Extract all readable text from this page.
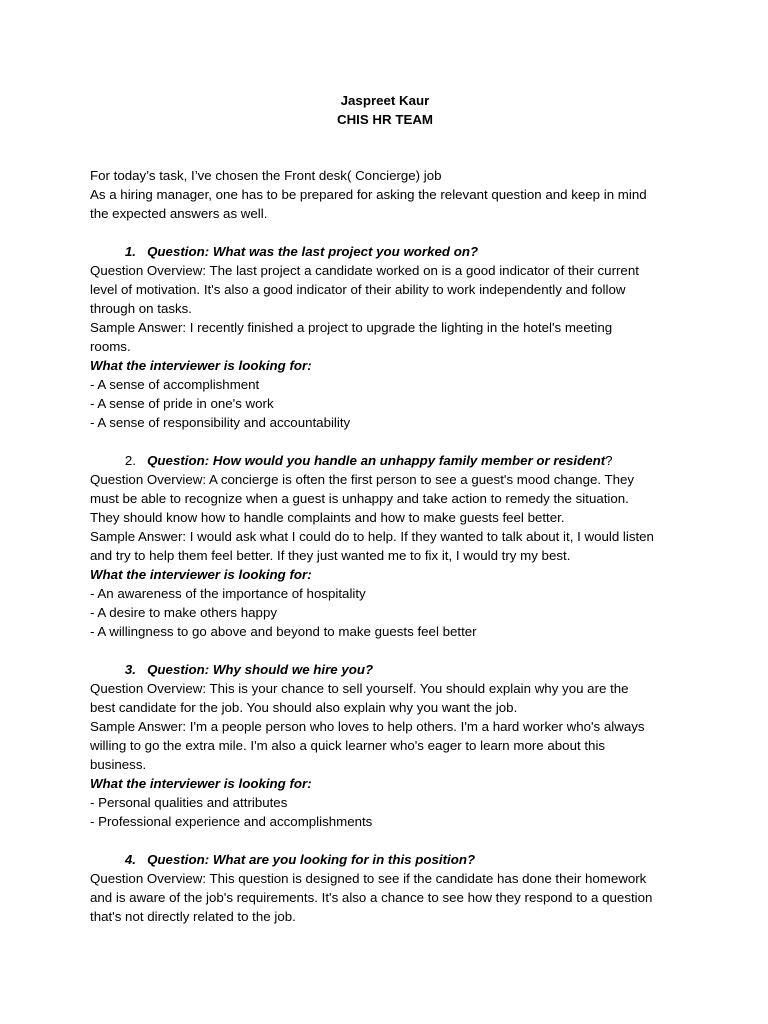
Jaspreet Kaur
CHIS HR TEAM
For today’s task, I’ve chosen the Front desk( Concierge) job
As a hiring manager, one has to be prepared for asking the relevant question and keep in mind
the expected answers as well.
1. Question: What was the last project you worked on?
Question Overview: The last project a candidate worked on is a good indicator of their current
level of motivation. It's also a good indicator of their ability to work independently and follow
through on tasks.
Sample Answer: I recently finished a project to upgrade the lighting in the hotel's meeting
rooms.
What the interviewer is looking for:
- A sense of accomplishment
- A sense of pride in one's work
- A sense of responsibility and accountability
2. Question: How would you handle an unhappy family member or resident?
Question Overview: A concierge is often the first person to see a guest's mood change. They
must be able to recognize when a guest is unhappy and take action to remedy the situation.
They should know how to handle complaints and how to make guests feel better.
Sample Answer: I would ask what I could do to help. If they wanted to talk about it, I would listen
and try to help them feel better. If they just wanted me to fix it, I would try my best.
What the interviewer is looking for:
- An awareness of the importance of hospitality
- A desire to make others happy
- A willingness to go above and beyond to make guests feel better
3. Question: Why should we hire you?
Question Overview: This is your chance to sell yourself. You should explain why you are the
best candidate for the job. You should also explain why you want the job.
Sample Answer: I'm a people person who loves to help others. I'm a hard worker who's always
willing to go the extra mile. I'm also a quick learner who's eager to learn more about this
business.
What the interviewer is looking for:
- Personal qualities and attributes
- Professional experience and accomplishments
4. Question: What are you looking for in this position?
Question Overview: This question is designed to see if the candidate has done their homework
and is aware of the job's requirements. It's also a chance to see how they respond to a question
that's not directly related to the job.
